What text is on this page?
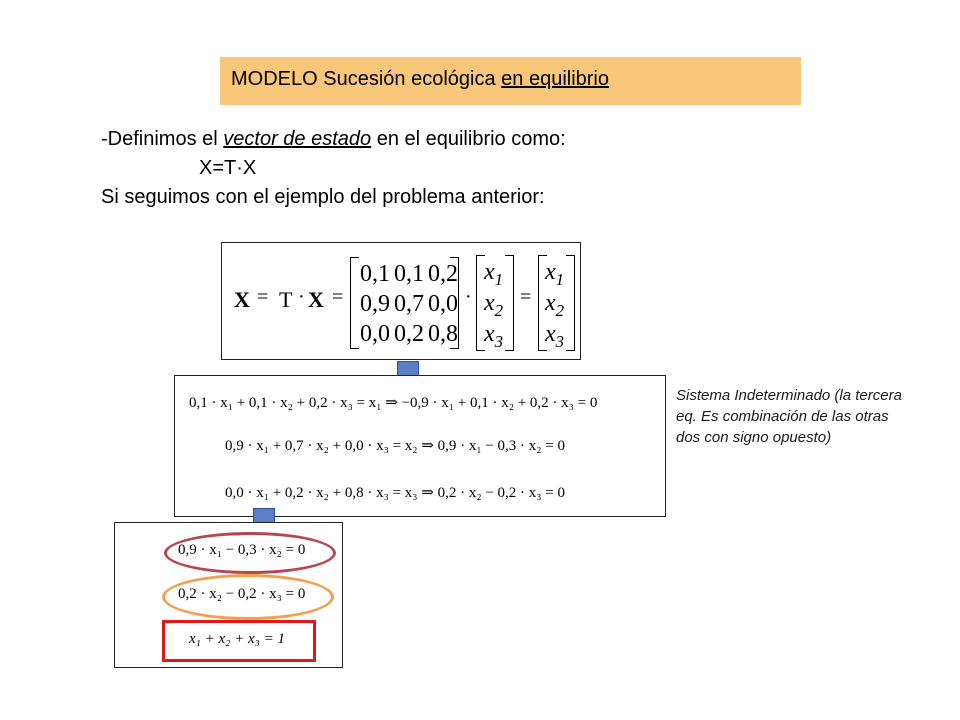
MODELO Sucesión ecológica en equilibrio
-Definimos el vector de estado en el equilibrio como:
X=T·X
Si seguimos con el ejemplo del problema anterior:
X = T · X =
0,1 0,1 0,2
0,9 0,7 0,0
0,0 0,2 0,8
·
$x_1$
$x_2$
$x_3$
=
$x_1$
$x_2$
$x_3$
0,1 · x₁ + 0,1 · x₂ + 0,2 · x₃ = x₁ ⇒ −0,9 · x₁ + 0,1 · x₂ + 0,2 · x₃ = 0
0,9 · x₁ + 0,7 · x₂ + 0,0 · x₃ = x₂ ⇒ 0,9 · x₁ − 0,3 · x₂ = 0
0,0 · x₁ + 0,2 · x₂ + 0,8 · x₃ = x₃ ⇒ 0,2 · x₂ − 0,2 · x₃ = 0
Sistema Indeterminado (la tercera eq. Es combinación de las otras dos con signo opuesto)
0,9 · x₁ − 0,3 · x₂ = 0
0,2 · x₂ − 0,2 · x₃ = 0
x₁ + x₂ + x₃ = 1
